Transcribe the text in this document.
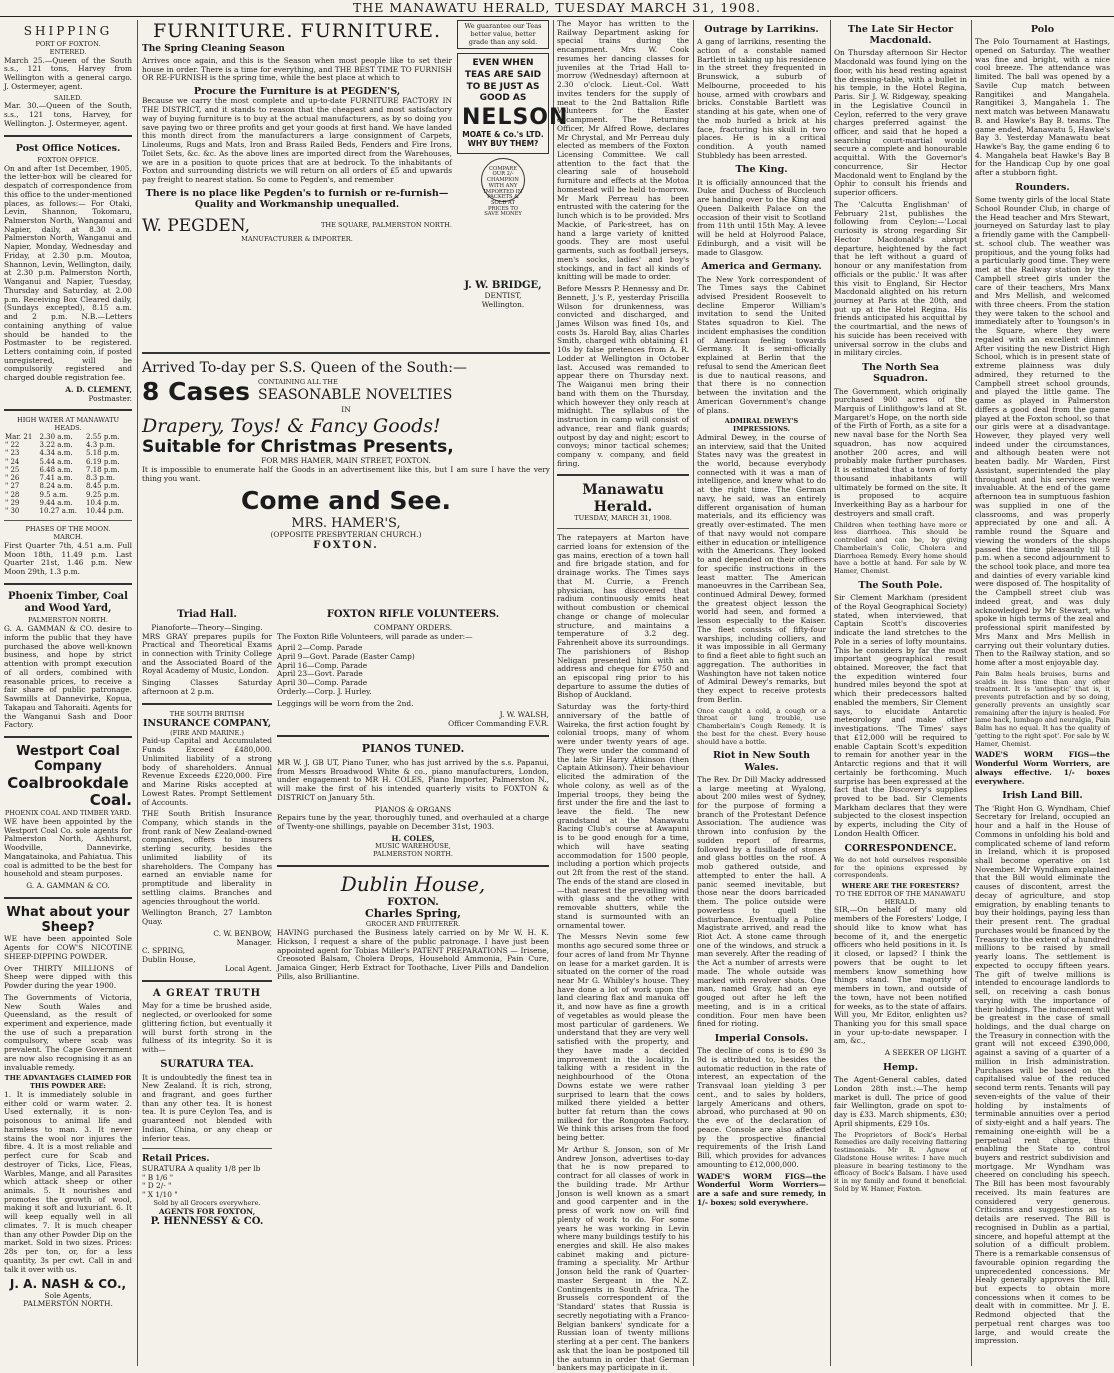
THE MANAWATU HERALD, TUESDAY MARCH 31, 1908.
SHIPPING
PORT OF FOXTON.
ENTERED.

March 25.—Queen of the South s.s., 121 tons, Harvey from Wellington with a general cargo. J. Ostermeyer, agent.

SAILED.

Mar. 30.—Queen of the South, s.s., 121 tons, Harvey, for Wellington. J. Ostermeyer, agent.

Post Office Notices.
FOXTON OFFICE.

On and after 1st December, 1905, the letter-box will be cleared for despatch of correspondence from this office to the under-mentioned places, as follows:— For Otaki, Levin, Shannon, Tokomaru, Palmerston North, Wanganui and Napier, daily, at 8.30 a.m. Palmerston North, Wanganui and Napier, Monday, Wednesday and Friday, at 2.30 p.m. Moutoa, Shannon, Levin, Wellington, daily, at 2.30 p.m. Palmerston North, Wanganui and Napier, Tuesday, Thursday and Saturday, at 2.00 p.m. Receiving Box Cleared daily, (Sundays excepted), 8.15 a.m. and 2 p.m. N.B.—Letters containing anything of value should be handed to the Postmaster to be registered. Letters containing coin, if posted unregistered, will be compulsorily registered and charged double registration fee.

A. D. CLEMENT,
Postmaster.
HIGH WATER AT MANAWATU HEADS.
Mar. 21	2.30 a.m.	2.55 p.m.
" 22	3.22 a.m.	4.3 p.m.
" 23	4.34 a.m.	5.18 p.m.
" 24	5.44 a.m.	6.19 p.m.
" 25	6.48 a.m.	7.18 p.m.
" 26	7.41 a.m.	8.3 p.m.
" 27	8.24 a.m.	8.45 p.m.
" 28	9.5 a.m.	9.25 p.m.
" 29	9.44 a.m.	10.4 p.m.
" 30	10.27 a.m.	10.44 p.m.
PHASES OF THE MOON.
MARCH.

First Quarter 7th, 4.51 a.m. Full Moon 18th, 11.49 p.m. Last Quarter 21st, 1.46 p.m. New Moon 29th, 1.3 p.m.

Phoenix Timber, Coal and Wood Yard,
PALMERSTON NORTH.

G. A. GAMMAN & CO. desire to inform the public that they have purchased the above well-known business, and hope by strict attention with prompt execution of all orders, combined with reasonable prices, to receive a fair share of public patronage. Sawmills at Dannevirke, Kopua, Takapau and Tahoraiti. Agents for the Wanganui Sash and Door Factory.

Westport Coal Company
Coalbrookdale
Coal.
PHOENIX COAL AND TIMBER YARD.

WE have been appointed by the Westport Coal Co. sole agents for Palmerston North, Ashhurst, Woodville, Dannevirke, Mangatainoka, and Pahiatua. This coal is admitted to be the best for household and steam purposes.

G. A. GAMMAN & CO.
What about your Sheep?

WE have been appointed Sole Agents for COW'S NICOTINE SHEEP-DIPPING POWDER.

Over THIRTY MILLIONS of Sheep were dipped with this Powder during the year 1900.

The Governments of Victoria, New South Wales and Queensland, as the result of experiment and experience, made the use of such a preparation compulsory, where scab was prevalent. The Cape Government are now also recognising it as an invaluable remedy.

THE ADVANTAGES CLAIMED FOR THIS POWDER ARE:

1. It is immediately soluble in either cold or warm water. 2. Used externally, it is non-poisonous to animal life and harmless to man. 3. It never stains the wool nor injures the fibre. 4. It is a most reliable and perfect cure for Scab and destroyer of Ticks, Lice, Fleas, Warbles, Mange, and all Parasites which attack sheep or other animals. 5. It nourishes and promotes the growth of wool, making it soft and luxuriant. 6. It will keep equally well in all climates. 7. It is much cheaper than any other Powder Dip on the market. Sold in two sizes. Prices: 28s per ton, or, for a less quantity, 3s per cwt. Call in and talk it over with us.

J. A. NASH & CO.,
Sole Agents,
PALMERSTON NORTH.
FURNITURE. FURNITURE.
The Spring Cleaning Season

Arrives once again, and this is the Season when most people like to set their house in order. There is a time for everything, and THE BEST TIME TO FURNISH OR RE-FURNISH is the spring time, while the best place at which to

Procure the Furniture is at PEGDEN'S,

Because we carry the most complete and up-to-date FURNITURE FACTORY IN THE DISTRICT, and it stands to reason that the cheapest and most satisfactory way of buying furniture is to buy at the actual manufacturers, as by so doing you save paying two or three profits and get your goods at first hand. We have landed this month direct from the manufacturers a large consignment of Carpets, Linoleums, Rugs and Mats, Iron and Brass Railed Beds, Fenders and Fire Irons, Toilet Sets, &c. &c. As the above lines are imported direct from the Warehouses, we are in a position to quote prices that are at bedrock. To the inhabitants of Foxton and surrounding districts we will return on all orders of £5 and upwards pay freight to nearest station. So come to Pegden's, and remember

There is no place like Pegden's to furnish or re-furnish—Quality and Workmanship unequalled.
W. PEGDEN,	THE SQUARE, PALMERSTON NORTH.
MANUFACTURER & IMPORTER.
We guarantee our Teas better value, better grade than any sold.
EVEN WHEN TEAS ARE SAID TO BE JUST AS GOOD AS
NELSON
MOATE & Co.'s LTD.
WHY BUY THEM?
COMPARE OUR 2/- CHAMPION WITH ANY IMPORTED IN PACKETS & SOLD AT PRICES TO SAVE MONEY
Arrived To-day per S.S. Queen of the South:—
8 Cases CONTAINING ALL THE
SEASONABLE NOVELTIES
IN
Drapery, Toys! & Fancy Goods!
Suitable for Christmas Presents,
FOR MRS HAMER, MAIN STREET, FOXTON.

It is impossible to enumerate half the Goods in an advertisement like this, but I am sure I have the very thing you want.

Come and See.
MRS. HAMER'S,
(OPPOSITE PRESBYTERIAN CHURCH.)
FOXTON.
Triad Hall.
Pianoforte—Theory—Singing.

MRS GRAY prepares pupils for Practical and Theoretical Exams in connection with Trinity College and the Associated Board of the Royal Academy of Music, London.

Singing Classes Saturday afternoon at 2 p.m.

THE SOUTH BRITISH
INSURANCE COMPANY,
(FIRE AND MARINE.)

Paid-up Capital and Accumulated Funds Exceed £480,000. Unlimited liability of a strong body of shareholders. Annual Revenue Exceeds £220,000. Fire and Marine Risks accepted at Lowest Rates. Prompt Settlement of Accounts.

THE South British Insurance Company, which stands in the front rank of New Zealand-owned companies, offers to insurers sterling security, besides the unlimited liability of its shareholders. The Company has earned an enviable name for promptitude and liberality in settling claims. Branches and agencies throughout the world.

Wellington Branch, 27 Lambton Quay.

C. W. BENBOW,
Manager.
C. SPRING,
Dublin House,
Local Agent.
A GREAT TRUTH

May for a time be brushed aside, neglected, or overlooked for some glittering fiction, but eventually it will burst forth strong in the fullness of its integrity. So it is with—

SURATURA TEA.

It is undoubtedly the finest tea in New Zealand. It is rich, strong, and fragrant, and goes further than any other tea. It is honest tea. It is pure Ceylon Tea, and is guaranteed not blended with Indian, China, or any cheap or inferior teas.

Retail Prices.
SURATURA A quality 1/8 per lb
" B 1/6 "
" D 2/- "
" X 1/10 "
Sold by all Grocers everywhere.
AGENTS FOR FOXTON,
P. HENNESSY & CO.
FOXTON RIFLE VOLUNTEERS.
COMPANY ORDERS.

The Foxton Rifle Volunteers, will parade as under:—

April 2—Comp. Parade
April 9—Govt. Parade (Easter Camp)
April 16—Comp. Parade
April 23—Govt. Parade
April 30—Comp. Parade

Orderly.—Corp. J. Hurley.

Leggings will be worn from the 2nd.

J. W. WALSH,
Officer Commanding F.V.R.
PIANOS TUNED.

MR W. J. GB UT, Piano Tuner, who has just arrived by the s.s. Papanui, from Messrs Broadwood White & co., piano manufacturers, London, under engagement to MR H. COLES, Piano Importer, Palmerston N., will make the first of his intended quarterly visits to FOXTON & DISTRICT on January 5th.

PIANOS & ORGANS

Repairs tune by the year, thoroughly tuned, and overhauled at a charge of Twenty-one shillings, payable on December 31st, 1903.

H. COLES,
MUSIC WAREHOUSE,
PALMERSTON NORTH.
Dublin House,
FOXTON.
Charles Spring,
GROCER AND FRUITERER.

HAVING purchased the Business lately carried on by Mr W. H. K. Hickson, I request a share of the public patronage. I have just been appointed agent for Tobias Miller's PATENT PREPARATIONS — Irisene, Creosoted Balsam, Cholera Drops, Household Ammonia, Pain Cure, Jamaica Ginger, Herb Extract for Toothache, Liver Pills and Dandelion Pills, also Brilliantine.

J. W. BRIDGE,
DENTIST,
Wellington.

The Mayor has written to the Railway Department asking for special trains during the encampment. Mrs W. Cook resumes her dancing classes for juveniles at the Triad Hall to-morrow (Wednesday) afternoon at 2.30 o'clock. Lieut.-Col. Watt invites tenders for the supply of meat to the 2nd Battalion Rifle Volunteers for the Easter encampment. The Returning Officer, Mr Alfred Rowe, declares Mr Chrystal, and Mr Perreau duly elected as members of the Foxton Licensing Committee. We call attention to the fact that the clearing sale of household furniture and effects at the Motoa homestead will be held to-morrow. Mr Mark Perreau has been entrusted with the catering for the lunch which is to be provided. Mrs Mackie, of Park-street, has on hand a large variety of knitted goods. They are most useful garments, such as football jerseys, men's socks, ladies' and boy's stockings, and in fact all kinds of knitting will be made to order.

Before Messrs P. Hennessy and Dr. Bennett, J.'s P., yesterday Priscilla Wilson for drunkenness, was convicted and discharged, and James Wilson was fined 10s, and costs 3s. Harold Bay, alias Charles Smith, charged with obtaining £1 10s by false pretences from A. R. Lodder at Wellington in October last. Accused was remanded to appear there on Thursday next. The Waiganui men bring their band with them on the Thursday, which however they only reach at midnight. The syllabus of the instruction in camp will consist of advance, rear and flank guards; outpost by day and night; escort to convoys; minor tactical schemes; company v. company, and field firing.

Manawatu Herald.
TUESDAY, MARCH 31, 1908.

The ratepayers at Marton have carried loans for extension of the gas mains, erection of a town hall and fire brigade station, and for drainage works. The Times says that M. Currie, a French physician, has discovered that radium continuously emits heat without combustion or chemical change or change of molecular structure, and maintains a temperature of 3.2 deg. Fahrenheit above its surroundings. The parishioners of Bishop Neligan presented him with an address and cheque for £750 and an episcopal ring prior to his departure to assume the duties of Bishop of Auckland.

Saturday was the forty-third anniversary of the battle of Waireka, the first action fought by colonial troops, many of whom were under twenty years of age. They were under the command of the late Sir Harry Atkinson (then Captain Atkinson). Their behaviour elicited the admiration of the whole colony, as well as of the Imperial troops, they being the first under the fire and the last to leave the field. The new grandstand at the Manawatu Racing Club's course at Awapuni is to be good enough for a time, which will have seating accommodation for 1500 people, including a portion which projects out 2ft from the rest of the stand. The ends of the stand are closed in—that nearest the prevailing wind with glass and the other with removable shutters, while the stand is surmounted with an ornamental tower.

The Messrs Nevin some few months ago secured some three or four acres of land from Mr Thynne on lease for a market garden. It is situated on the corner of the road near Mr G. Whibley's house. They have done a lot of work upon the land clearing flax and manuka off it, and now have as fine a growth of vegetables as would please the most particular of gardeners. We understand that they are very well satisfied with the property, and they have made a decided improvement in the locality. In talking with a resident in the neighbourhood of the Otona Downs estate we were rather surprised to learn that the cows milked there yielded a better butter fat return than the cows milked for the Rongotea Factory. We think this arises from the food being better.

Mr Arthur S. Jonson, son of Mr Andrew Jonson, advertises to-day that he is now prepared to contract for all classes of work in the building trade. Mr Arthur Jonson is well known as a smart and good carpenter and in the press of work now on will find plenty of work to do. For some years he was working in Levin where many buildings testify to his energies and skill. He also makes cabinet making and picture-framing a speciality. Mr Arthur Jonson held the rank of Quarter-master Sergeant in the N.Z. Contingents in South Africa. The Brussels correspondent of the 'Standard' states that Russia is secretly negotiating with a Franco-Belgian bankers' syndicate for a Russian loan of twenty millions sterling at a per cent. The bankers ask that the loan be postponed till the autumn in order that German bankers may participate in it.

Outrage by Larrikins.

A gang of larrikins, resenting the action of a constable named Bartlett in taking up his residence in the street they frequented in Brunswick, a suburb of Melbourne, proceeded to his house, armed with crowbars and bricks. Constable Bartlett was standing at his gate, when one of the mob hurled a brick at his face, fracturing his skull in two places. He is in a critical condition. A youth named Stubbledy has been arrested.

The King.

It is officially announced that the Duke and Duchess of Buccleuch are handing over to the King and Queen Dalkeith Palace on the occasion of their visit to Scotland from 11th until 15th May. A levee will be held at Holyrood Palace, Edinburgh, and a visit will be made to Glasgow.

America and Germany.

The New York correspondent of The Times says the Cabinet advised President Roosevelt to decline Emperor William's invitation to send the United States squadron to Kiel. The incident emphasises the condition of American feeling towards Germany. It is semi-officially explained at Berlin that the refusal to send the American fleet is due to nautical reasons, and that there is no connection between the invitation and the American Government's change of plans.

ADMIRAL DEWEY'S IMPRESSIONS.

Admiral Dewey, in the course of an interview, said that the United States navy was the greatest in the world, because everybody connected with it was a man of intelligence, and knew what to do at the right time. The German navy, he said, was an entirely different organisation of human materials, and its efficiency was greatly over-estimated. The men of that navy would not compare either in education or intelligence with the Americans. They looked to and depended on their officers for specific instructions in the least matter. The American manoeuvres in the Carribean Sea, continued Admiral Dewey, formed the greatest object lesson the world had seen, and formed a lesson especially to the Kaiser. The fleet consists of fifty-four warships, including colliers, and it was impossible in all Germany to find a fleet able to fight such an aggregation. The authorities in Washington have not taken notice of Admiral Dewey's remarks, but they expect to receive protests from Berlin.

Once caught a cold, a cough or a throat or lung trouble, use Chamberlain's Cough Remedy. It is the best for the chest. Every house should have a bottle.

Riot in New South Wales.

The Rev. Dr Dill Macky addressed a large meeting at Wyalong, about 200 miles west of Sydney, for the purpose of forming a branch of the Protestant Defence Association. The audience was thrown into confusion by the sudden report of firearms, followed by a fusillade of stones and glass bottles on the roof. A mob gathered outside, and attempted to enter the hall. A panic seemed inevitable, but those near the doors barricaded them. The police outside were powerless to quell the disturbance. Eventually a Police Magistrate arrived, and read the Riot Act. A stone came through one of the windows, and struck a man severely. After the reading of the Act a number of arrests were made. The whole outside was marked with revolver shots. One man, named Gray, had an eye gouged out after he left the meeting, and is in a critical condition. Four men have been fined for rioting.

Imperial Consols.

The decline of cons is to £90 3s 9d is attributed to, besides the automatic reduction in the rate of interest, an expectation of the Transvaal loan yielding 3 per cent., and to sales by holders, largely Americans and others, abroad, who purchased at 90 on the eve of the declaration of peace. Console are also affected by the prospective financial requirements of the Irish Land Bill, which provides for advances amounting to £12,000,000.

WADE'S WORM FIGS—the Wonderful Worm Worriers—are a safe and sure remedy, in 1/- boxes; sold everywhere.

The Late Sir Hector Macdonald.

On Thursday afternoon Sir Hector Macdonald was found lying on the floor, with his head resting against the dressing-table, with a bullet in his temple, in the Hotel Regina, Paris. Sir J. W. Ridgeway, speaking in the Legislative Council in Ceylon, referred to the very grave charges preferred against the officer, and said that he hoped a searching court-martial would secure a complete and honourable acquittal. With the Governor's concurrence, Sir Hector Macdonald went to England by the Ophir to consult his friends and superior officers.

The 'Calcutta Englishman' of February 21st, publishes the following from Ceylon:—'Local curiosity is strong regarding Sir Hector Macdonald's abrupt departure, heightened by the fact that he left without a guard of honour or any manifestation from officials or the public.' It was after this visit to England, Sir Hector Macdonald alighted on his return journey at Paris at the 20th, and put up at the Hotel Regina. His friends anticipated his acquittal by the courtmartial, and the news of his suicide has been received with universal sorrow in the clubs and in military circles.

The North Sea Squadron.

The Government, which originally purchased 900 acres of the Marquis of Linlithgow's land at St. Margaret's Hope, on the north side of the Firth of Forth, as a site for a new naval base for the North Sea squadron, has now acquired another 200 acres, and will probably make further purchases. It is estimated that a town of forty thousand inhabitants will ultimately be formed on the site. It is proposed to acquire Inverkeithing Bay as a harbour for destroyers and small craft.

Children when teething have more or less diarrhoea. This should be controlled and can be, by giving Chamberlain's Colic, Cholera and Diarrhoea Remedy. Every home should have a bottle at hand. For sale by W. Hamer, Chemist.

The South Pole.

Sir Clement Markham (president of the Royal Geographical Society) stated, when interviewed, that Captain Scott's discoveries indicate the land stretches to the Pole in a series of lofty mountains. This he considers by far the most important geographical result obtained. Moreover, the fact that the expedition wintered four hundred miles beyond the spot at which their predecessors halted enabled the members, Sir Clement says, to elucidate Antarctic meteorology and make other investigations. 'The Times' says that £12,000 will be required to enable Captain Scott's expedition to remain for another year in the Antarctic regions and that it will certainly be forthcoming. Much surprise has been expressed at the fact that the Discovery's supplies proved to be bad. Sir Clements Markham declares that they were subjected to the closest inspection by experts, including the City of London Health Officer.

CORRESPONDENCE.

We do not hold ourselves responsible for the opinions expressed by correspondents.

WHERE ARE THE FORESTERS?
TO THE EDITOR OF THE MANAWATU HERALD.

SIR,—On behalf of many old members of the Foresters' Lodge, I should like to know what has become of it, and the energetic officers who held positions in it. Is it closed, or lapsed? I think the powers that be ought to let members know something how things stand. The majority of members in town, and outside of the town, have not been notified for weeks, as to the state of affairs. Will you, Mr Editor, enlighten us? Thanking you for this small space in your up-to-date newspaper. I am, &c.,

A SEEKER OF LIGHT.
Hemp.

The Agent-General cables, dated London 28th inst.:—The hemp market is dull. The price of good fair Wellington, grade on spot to-day is £33. March shipments, £30; April shipments, £29 10s.

The Proprietors of Bock's Herbal Remedies are daily receiving flattering testimonials. Mr R. Agnew of Gladstone House writes: I have much pleasure in bearing testimony to the efficacy of Bock's Balsam. I have used it in my family and found it beneficial. Sold by W. Hamer, Foxton.

Polo

The Polo Tournament at Hastings, opened on Saturday. The weather was fine and bright, with a nice cool breeze. The attendance was limited. The ball was opened by a Savile Cup match between Rangitikei and Mangahela. Rangitikei 3, Mangahela 1. The next match was between Manawatu B. and Hawke's Bay B. teams. The game ended, Manawatu 5, Hawke's Bay 3. Yesterday Manawatu beat Hawke's Bay, the game ending 6 to 4. Mangahela beat Hawke's Bay B for the Handicap Cup by one goal after a stubborn fight.

Rounders.

Some twenty girls of the local State School Rounder Club, in charge of the Head teacher and Mrs Stewart, journeyed on Saturday last to play a friendly game with the Campbell-st. school club. The weather was propitious, and the young folks had a particularly good time. They were met at the Railway station by the Campbell street girls under the care of their teachers, Mrs Manx and Mrs Mellish, and welcomed with three cheers. From the station they were taken to the school and immediately after to Youngson's in the Square, where they were regaled with an excellent dinner. After visiting the new District High School, which is in present state of extreme plainness was duly admired, they returned to the Campbell street school grounds, and played the little game. The game as played in Palmerston differs a good deal from the game played at the Foxton school, so that our girls were at a disadvantage. However, they played very well indeed under the circumstances, and although beaten were not beaten badly. Mr Warden, First Assistant, superintended the play throughout and his services were invaluable. At the end of the game afternoon tea in sumptuous fashion was supplied in one of the classrooms, and was properly appreciated by one and all. A ramble round the Square and viewing the wonders of the shops passed the time pleasantly till 5 p.m. when a second adjournment to the school took place, and more tea and dainties of every variable kind were disposed of. The hospitality of the Campbell street club was indeed great, and was duly acknowledged by Mr Stewart, who spoke in high terms of the zeal and professional spirit manifested by Mrs Manx and Mrs Mellish in carrying out their voluntary duties. Then to the Railway station, and so home after a most enjoyable day.

Pain Balm heals bruises, burns and scalds in less time than any other treatment. It is 'antiseptic' that is, it prevents putrefaction and by so doing, generally prevents an unsightly scar remaining after the injury is healed. For lame back, lumbago and neuralgia, Pain Balm has no equal. It has the quality of 'getting to the right spot'. For sale by W. Hamer, Chemist.

WADE'S WORM FIGS—the Wonderful Worm Worriers, are always effective. 1/- boxes everywhere.

Irish Land Bill.

The 'Right Hon G. Wyndham, Chief Secretary for Ireland, occupied an hour and a half in the House of Commons in unfolding his bold and complicated scheme of land reform in Ireland, which it is proposed shall become operative on 1st November. Mr Wyndham explained that the Bill would eliminate the causes of discontent, arrest the decay of agriculture, and stop emigration, by enabling tenants to buy their holdings, paying less than their present rent. The gradual purchases would be financed by the Treasury to the extent of a hundred millions to be raised by small yearly loans. The settlement is expected to occupy fifteen years. The gift of twelve millions is intended to encourage landlords to sell, on receiving a cash bonus varying with the importance of their holdings. The inducement will be greatest in the case of small holdings, and the dual charge on the Treasury in connection with the grant will not exceed £390,000, against a saving of a quarter of a million in Irish administration. Purchases will be based on the capitalised value of the reduced second term rents. Tenants will pay seven-eights of the value of their holding by instalments of terminable annuities over a period of sixty-eight and a half years. The remaining one-eighth will be a perpetual rent charge, thus enabling the State to control buyers and restrict subdivision and mortgage. Mr Wyndham was cheered on concluding his speech. The Bill has been most favourably received. Its main features are considered very generous. Criticisms and suggestions as to details are reserved. The Bill is recognised in Dublin as a partial, sincere, and hopeful attempt at the solution of a difficult problem. There is a remarkable consensus of favourable opinion regarding the unprecedented concessions. Mr Healy generally approves the Bill, but expects to obtain more concessions when it comes to be dealt with in committee. Mr J. E. Redmond objected that the perpetual rent charges was too large, and would create the impression.
